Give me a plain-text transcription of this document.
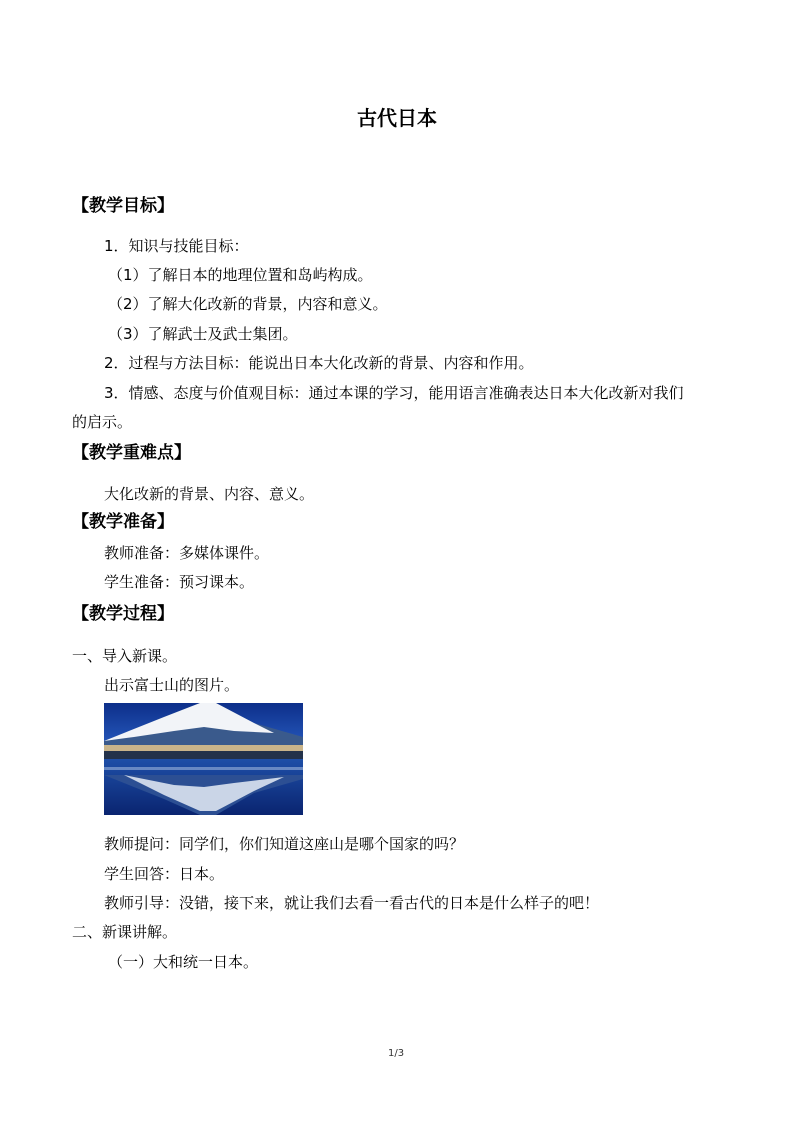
古代日本
【教学目标】
1．知识与技能目标：
（1）了解日本的地理位置和岛屿构成。
（2）了解大化改新的背景，内容和意义。
（3）了解武士及武士集团。
2．过程与方法目标：能说出日本大化改新的背景、内容和作用。
3．情感、态度与价值观目标：通过本课的学习，能用语言准确表达日本大化改新对我们
的启示。
【教学重难点】
大化改新的背景、内容、意义。
【教学准备】
教师准备：多媒体课件。
学生准备：预习课本。
【教学过程】
一、导入新课。
出示富士山的图片。
教师提问：同学们，你们知道这座山是哪个国家的吗？
学生回答：日本。
教师引导：没错，接下来，就让我们去看一看古代的日本是什么样子的吧！
二、新课讲解。
（一）大和统一日本。
1/3
